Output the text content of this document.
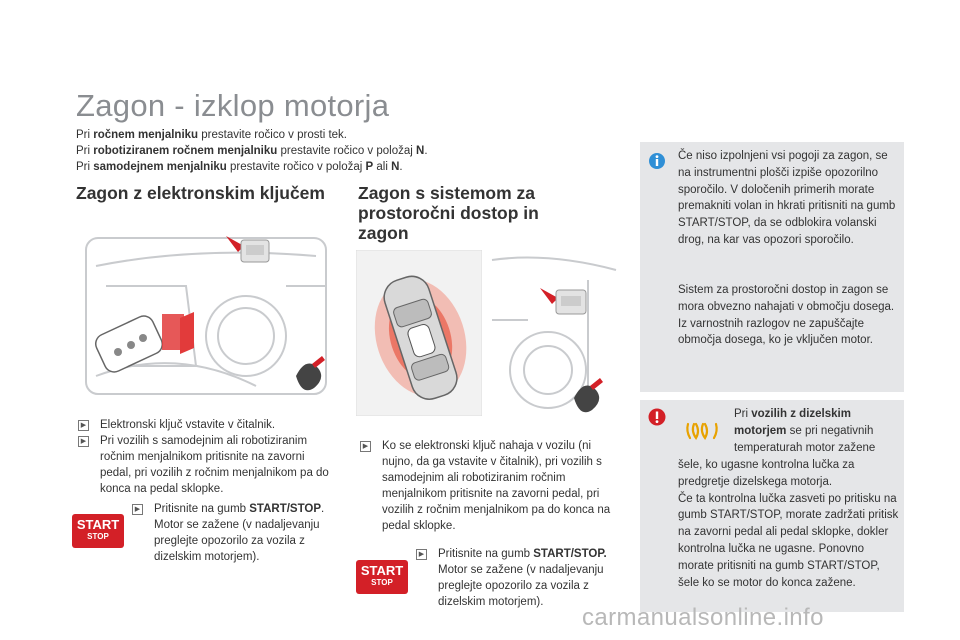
Zagon - izklop motorja
Pri ročnem menjalniku prestavite ročico v prosti tek.
Pri robotiziranem ročnem menjalniku prestavite ročico v položaj N.
Pri samodejnem menjalniku prestavite ročico v položaj P ali N.
Zagon z elektronskim ključem
▶ Elektronski ključ vstavite v čitalnik.
▶ Pri vozilih s samodejnim ali robotiziranim ročnim menjalnikom pritisnite na zavorni pedal, pri vozilih z ročnim menjalnikom pa do konca na pedal sklopke.
START
STOP
▶ Pritisnite na gumb START/STOP. Motor se zažene (v nadaljevanju preglejte opozorilo za vozila z dizelskim motorjem).
Zagon s sistemom za prostoročni dostop in zagon
▶ Ko se elektronski ključ nahaja v vozilu (ni nujno, da ga vstavite v čitalnik), pri vozilih s samodejnim ali robotiziranim ročnim menjalnikom pritisnite na zavorni pedal, pri vozilih z ročnim menjalnikom pa do konca na pedal sklopke.
START
STOP
▶ Pritisnite na gumb START/STOP. Motor se zažene (v nadaljevanju preglejte opozorilo za vozila z dizelskim motorjem).
Če niso izpolnjeni vsi pogoji za zagon, se na instrumentni plošči izpiše opozorilno sporočilo. V določenih primerih morate premakniti volan in hkrati pritisniti na gumb START/STOP, da se odblokira volanski drog, na kar vas opozori sporočilo.
Sistem za prostoročni dostop in zagon se mora obvezno nahajati v območju dosega.
Iz varnostnih razlogov ne zapuščajte območja dosega, ko je vključen motor.
Pri vozilih z dizelskim motorjem se pri negativnih temperaturah motor zažene
šele, ko ugasne kontrolna lučka za predgretje dizelskega motorja.
Če ta kontrolna lučka zasveti po pritisku na gumb START/STOP, morate zadržati pritisk na zavorni pedal ali pedal sklopke, dokler kontrolna lučka ne ugasne. Ponovno morate pritisniti na gumb START/STOP, šele ko se motor do konca zažene.
carmanualsonline.info
